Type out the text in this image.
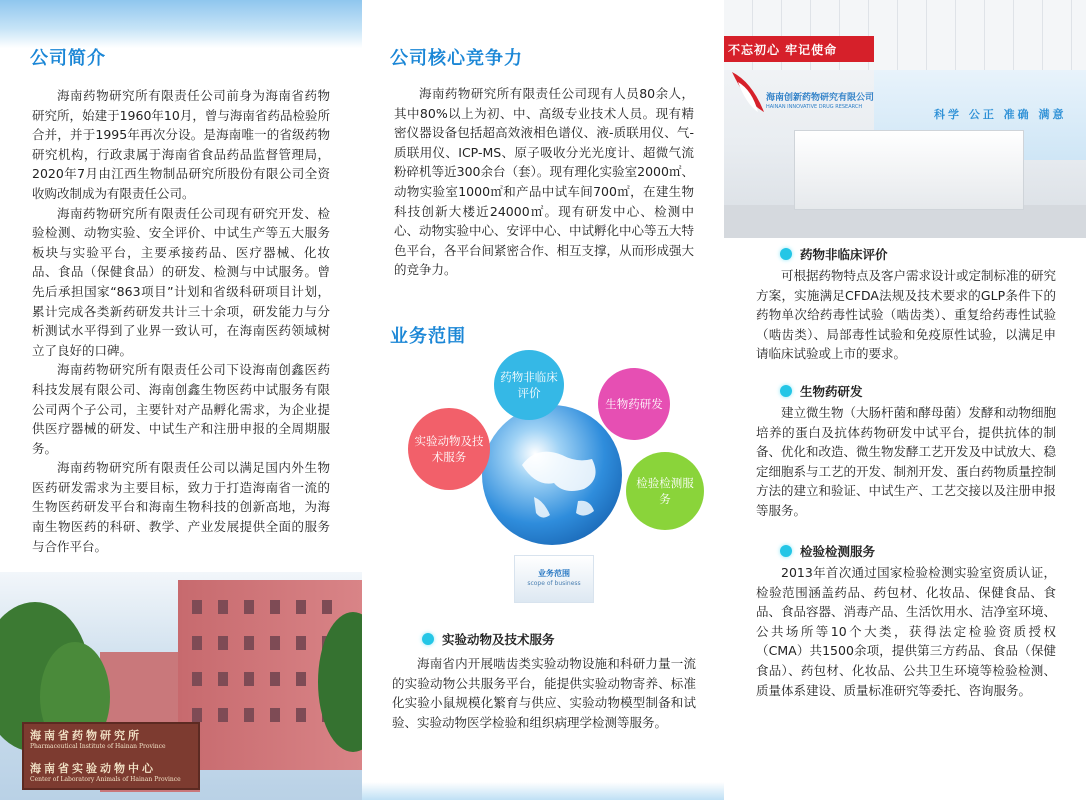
公司简介

海南药物研究所有限责任公司前身为海南省药物研究所，始建于1960年10月，曾与海南省药品检验所合并，并于1995年再次分设。是海南唯一的省级药物研究机构，行政隶属于海南省食品药品监督管理局，2020年7月由江西生物制品研究所股份有限公司全资收购改制成为有限责任公司。

海南药物研究所有限责任公司现有研究开发、检验检测、动物实验、安全评价、中试生产等五大服务板块与实验平台，主要承接药品、医疗器械、化妆品、食品（保健食品）的研发、检测与中试服务。曾先后承担国家“863项目”计划和省级科研项目计划，累计完成各类新药研发共计三十余项，研发能力与分析测试水平得到了业界一致认可，在海南医药领域树立了良好的口碑。

海南药物研究所有限责任公司下设海南创鑫医药科技发展有限公司、海南创鑫生物医药中试服务有限公司两个子公司，主要针对产品孵化需求，为企业提供医疗器械的研发、中试生产和注册申报的全周期服务。

海南药物研究所有限责任公司以满足国内外生物医药研发需求为主要目标，致力于打造海南省一流的生物医药研发平台和海南生物科技的创新高地，为海南生物医药的科研、教学、产业发展提供全面的服务与合作平台。

海南省药物研究所
Pharmaceutical Institute of Hainan Province
海南省实验动物中心
Center of Laboratory Animals of Hainan Province
公司核心竞争力

海南药物研究所有限责任公司现有人员80余人，其中80%以上为初、中、高级专业技术人员。现有精密仪器设备包括超高效液相色谱仪、液-质联用仪、气-质联用仪、ICP-MS、原子吸收分光光度计、超微气流粉碎机等近300余台（套）。现有理化实验室2000㎡、动物实验室1000㎡和产品中试车间700㎡，在建生物科技创新大楼近24000㎡。现有研发中心、检测中心、动物实验中心、安评中心、中试孵化中心等五大特色平台，各平台间紧密合作、相互支撑，从而形成强大的竞争力。

业务范围
业务范围
scope of business
药物非临床评价
生物药研发
实验动物及技术服务
检验检测服务
实验动物及技术服务

海南省内开展啮齿类实验动物设施和科研力量一流的实验动物公共服务平台，能提供实验动物寄养、标准化实验小鼠规模化繁育与供应、实验动物模型制备和试验、实验动物医学检验和组织病理学检测等服务。

不忘初心 牢记使命
科学 公正 准确 满意
海南创新药物研究有限公司
HAINAN INNOVATIVE DRUG RESEARCH
药物非临床评价

可根据药物特点及客户需求设计或定制标准的研究方案，实施满足CFDA法规及技术要求的GLP条件下的药物单次给药毒性试验（啮齿类）、重复给药毒性试验（啮齿类）、局部毒性试验和免疫原性试验，以满足申请临床试验或上市的要求。

生物药研发

建立微生物（大肠杆菌和酵母菌）发酵和动物细胞培养的蛋白及抗体药物研发中试平台，提供抗体的制备、优化和改造、微生物发酵工艺开发及中试放大、稳定细胞系与工艺的开发、制剂开发、蛋白药物质量控制方法的建立和验证、中试生产、工艺交接以及注册申报等服务。

检验检测服务

2013年首次通过国家检验检测实验室资质认证，检验范围涵盖药品、药包材、化妆品、保健食品、食品、食品容器、消毒产品、生活饮用水、洁净室环境、公共场所等10个大类，获得法定检验资质授权（CMA）共1500余项，提供第三方药品、食品（保健食品）、药包材、化妆品、公共卫生环境等检验检测、质量体系建设、质量标准研究等委托、咨询服务。
